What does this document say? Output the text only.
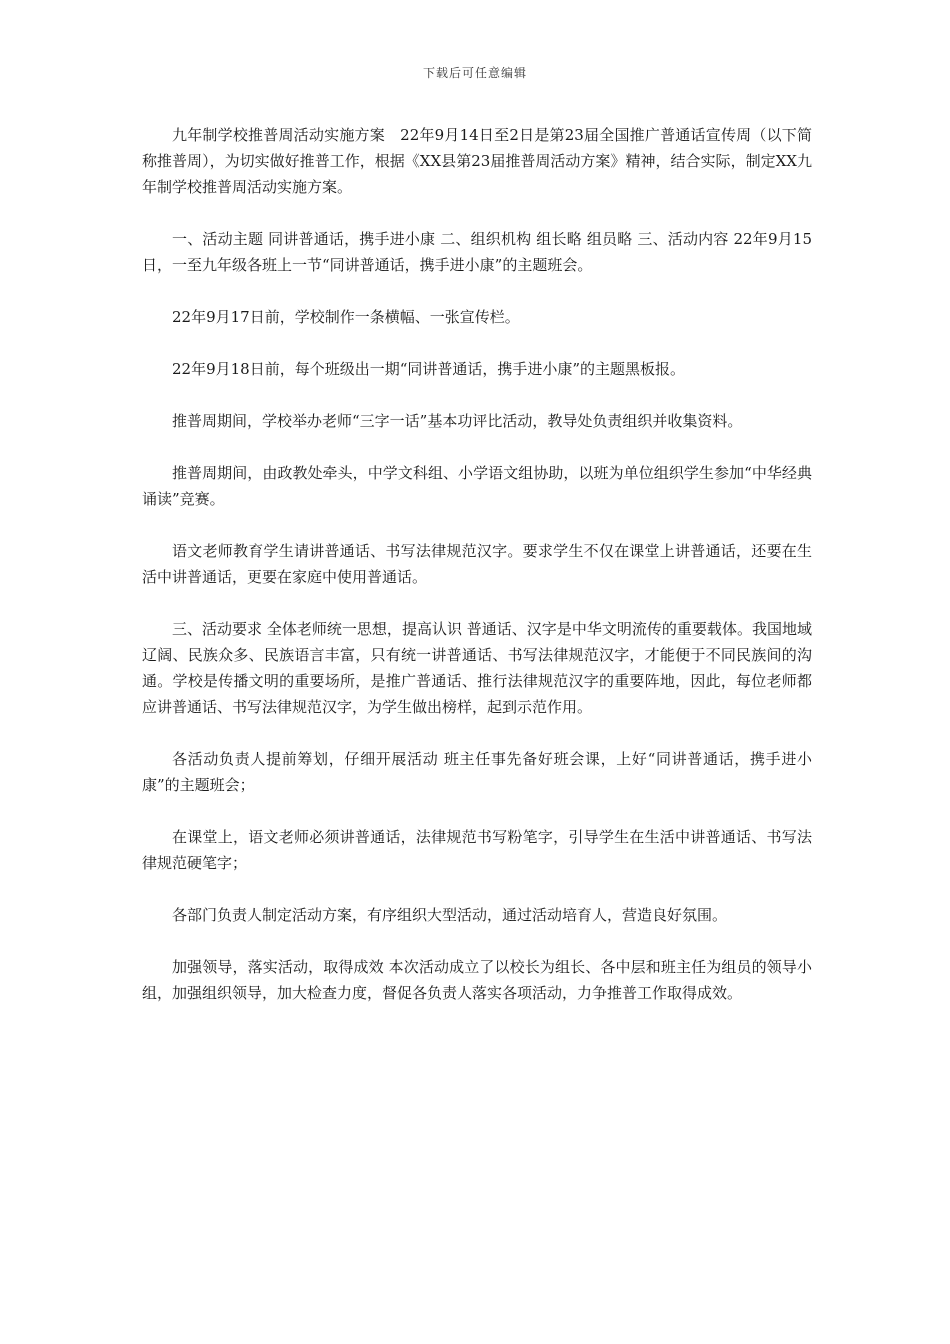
下载后可任意编辑

九年制学校推普周活动实施方案　22年9月14日至2日是第23届全国推广普通话宣传周（以下简称推普周），为切实做好推普工作，根据《XX县第23届推普周活动方案》精神，结合实际，制定XX九年制学校推普周活动实施方案。

一、活动主题 同讲普通话，携手进小康 二、组织机构 组长略 组员略 三、活动内容 22年9月15日，一至九年级各班上一节“同讲普通话，携手进小康”的主题班会。

22年9月17日前，学校制作一条横幅、一张宣传栏。

22年9月18日前，每个班级出一期“同讲普通话，携手进小康”的主题黑板报。

推普周期间，学校举办老师“三字一话”基本功评比活动，教导处负责组织并收集资料。

推普周期间，由政教处牵头，中学文科组、小学语文组协助，以班为单位组织学生参加“中华经典诵读”竞赛。

语文老师教育学生请讲普通话、书写法律规范汉字。要求学生不仅在课堂上讲普通话，还要在生活中讲普通话，更要在家庭中使用普通话。

三、活动要求 全体老师统一思想，提高认识 普通话、汉字是中华文明流传的重要载体。我国地域辽阔、民族众多、民族语言丰富，只有统一讲普通话、书写法律规范汉字，才能便于不同民族间的沟通。学校是传播文明的重要场所，是推广普通话、推行法律规范汉字的重要阵地，因此，每位老师都应讲普通话、书写法律规范汉字，为学生做出榜样，起到示范作用。

各活动负责人提前筹划，仔细开展活动 班主任事先备好班会课，上好“同讲普通话，携手进小康”的主题班会；

在课堂上，语文老师必须讲普通话，法律规范书写粉笔字，引导学生在生活中讲普通话、书写法律规范硬笔字；

各部门负责人制定活动方案，有序组织大型活动，通过活动培育人，营造良好氛围。

加强领导，落实活动，取得成效 本次活动成立了以校长为组长、各中层和班主任为组员的领导小组，加强组织领导，加大检查力度，督促各负责人落实各项活动，力争推普工作取得成效。
